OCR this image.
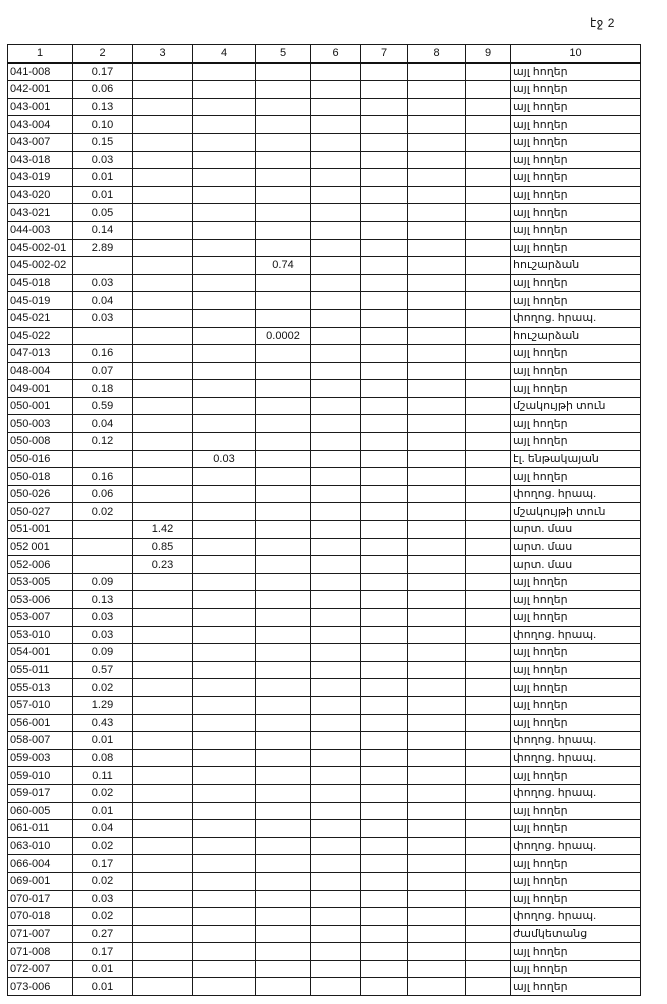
էջ 2
1	2	3	4	5	6	7	8	9	10
041-008	0.17								այլ հողեր
042-001	0.06								այլ հողեր
043-001	0.13								այլ հողեր
043-004	0.10								այլ հողեր
043-007	0.15								այլ հողեր
043-018	0.03								այլ հողեր
043-019	0.01								այլ հողեր
043-020	0.01								այլ հողեր
043-021	0.05								այլ հողեր
044-003	0.14								այլ հողեր
045-002-01	2.89								այլ հողեր
045-002-02				0.74					հուշարձան
045-018	0.03								այլ հողեր
045-019	0.04								այլ հողեր
045-021	0.03								փողոց. հրապ.
045-022				0.0002					հուշարձան
047-013	0.16								այլ հողեր
048-004	0.07								այլ հողեր
049-001	0.18								այլ հողեր
050-001	0.59								մշակույթի տուն
050-003	0.04								այլ հողեր
050-008	0.12								այլ հողեր
050-016			0.03						էլ. ենթակայան
050-018	0.16								այլ հողեր
050-026	0.06								փողոց. հրապ.
050-027	0.02								մշակույթի տուն
051-001		1.42							արտ. մաս
052 001		0.85							արտ. մաս
052-006		0.23							արտ. մաս
053-005	0.09								այլ հողեր
053-006	0.13								այլ հողեր
053-007	0.03								այլ հողեր
053-010	0.03								փողոց. հրապ.
054-001	0.09								այլ հողեր
055-011	0.57								այլ հողեր
055-013	0.02								այլ հողեր
057-010	1.29								այլ հողեր
056-001	0.43								այլ հողեր
058-007	0.01								փողոց. հրապ.
059-003	0.08								փողոց. հրապ.
059-010	0.11								այլ հողեր
059-017	0.02								փողոց. հրապ.
060-005	0.01								այլ հողեր
061-011	0.04								այլ հողեր
063-010	0.02								փողոց. հրապ.
066-004	0.17								այլ հողեր
069-001	0.02								այլ հողեր
070-017	0.03								այլ հողեր
070-018	0.02								փողոց. հրապ.
071-007	0.27								ժամկետանց
071-008	0.17								այլ հողեր
072-007	0.01								այլ հողեր
073-006	0.01								այլ հողեր
